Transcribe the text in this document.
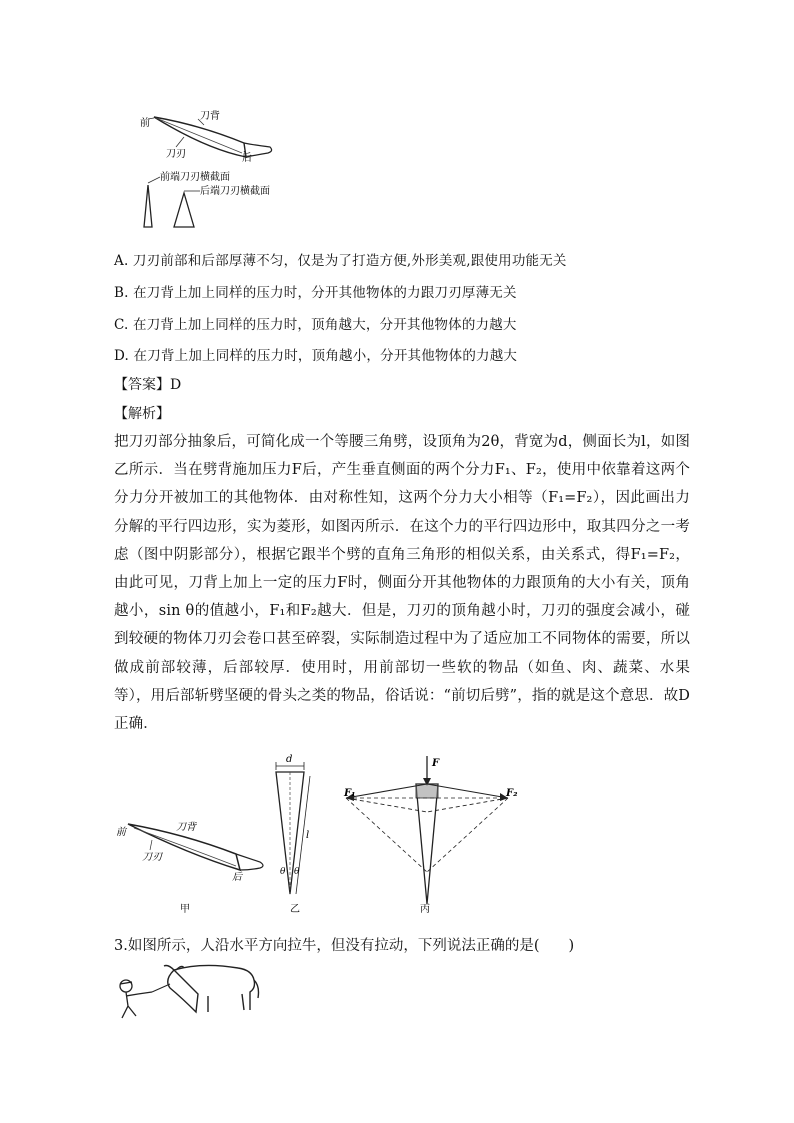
前
刀背
刀刃	后
前端刀刃横截面
后端刀刃横截面
A. 刀刃前部和后部厚薄不匀，仅是为了打造方便,外形美观,跟使用功能无关
B. 在刀背上加上同样的压力时，分开其他物体的力跟刀刃厚薄无关
C. 在刀背上加上同样的压力时，顶角越大，分开其他物体的力越大
D. 在刀背上加上同样的压力时，顶角越小，分开其他物体的力越大
【答案】D
【解析】
把刀刃部分抽象后，可简化成一个等腰三角劈，设顶角为2θ，背宽为d，侧面长为l，如图乙所示．当在劈背施加压力F后，产生垂直侧面的两个分力F₁、F₂，使用中依靠着这两个分力分开被加工的其他物体．由对称性知，这两个分力大小相等（F₁=F₂），因此画出力分解的平行四边形，实为菱形，如图丙所示．在这个力的平行四边形中，取其四分之一考虑（图中阴影部分），根据它跟半个劈的直角三角形的相似关系，由关系式，得F₁=F₂，由此可见，刀背上加上一定的压力F时，侧面分开其他物体的力跟顶角的大小有关，顶角越小，sin θ的值越小，F₁和F₂越大．但是，刀刃的顶角越小时，刀刃的强度会减小，碰到较硬的物体刀刃会卷口甚至碎裂，实际制造过程中为了适应加工不同物体的需要，所以做成前部较薄，后部较厚．使用时，用前部切一些软的物品（如鱼、肉、蔬菜、水果等），用后部斩劈坚硬的骨头之类的物品，俗话说：“前切后劈”，指的就是这个意思．故D正确．
前	刀背
刀刃
后
甲
d
l
θ θ
乙
F
F₁	F₂
丙
3.如图所示，人沿水平方向拉牛，但没有拉动，下列说法正确的是(　　)
